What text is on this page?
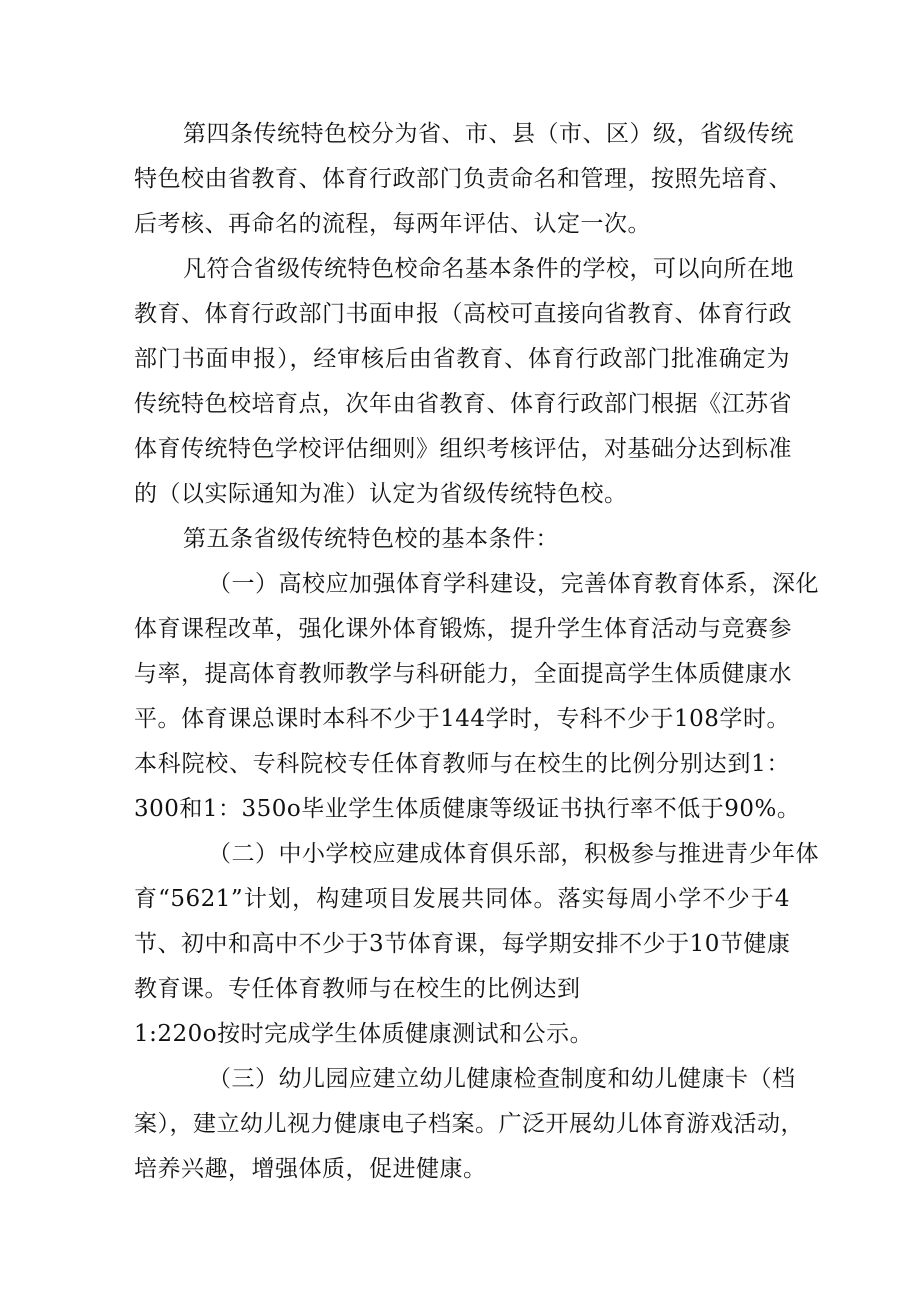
第四条传统特色校分为省、市、县（市、区）级，省级传统
特色校由省教育、体育行政部门负责命名和管理，按照先培育、
后考核、再命名的流程，每两年评估、认定一次。
凡符合省级传统特色校命名基本条件的学校，可以向所在地
教育、体育行政部门书面申报（高校可直接向省教育、体育行政
部门书面申报），经审核后由省教育、体育行政部门批准确定为
传统特色校培育点，次年由省教育、体育行政部门根据《江苏省
体育传统特色学校评估细则》组织考核评估，对基础分达到标准
的（以实际通知为准）认定为省级传统特色校。
第五条省级传统特色校的基本条件：
（一）高校应加强体育学科建设，完善体育教育体系，深化
体育课程改革，强化课外体育锻炼，提升学生体育活动与竞赛参
与率，提高体育教师教学与科研能力，全面提高学生体质健康水
平。体育课总课时本科不少于144学时，专科不少于108学时。
本科院校、专科院校专任体育教师与在校生的比例分别达到1：
300和1：350o毕业学生体质健康等级证书执行率不低于90%。
（二）中小学校应建成体育俱乐部，积极参与推进青少年体
育“5621”计划，构建项目发展共同体。落实每周小学不少于4
节、初中和高中不少于3节体育课，每学期安排不少于10节健康
教育课。专任体育教师与在校生的比例达到
1:220o按时完成学生体质健康测试和公示。
（三）幼儿园应建立幼儿健康检查制度和幼儿健康卡（档
案），建立幼儿视力健康电子档案。广泛开展幼儿体育游戏活动，
培养兴趣，增强体质，促进健康。
